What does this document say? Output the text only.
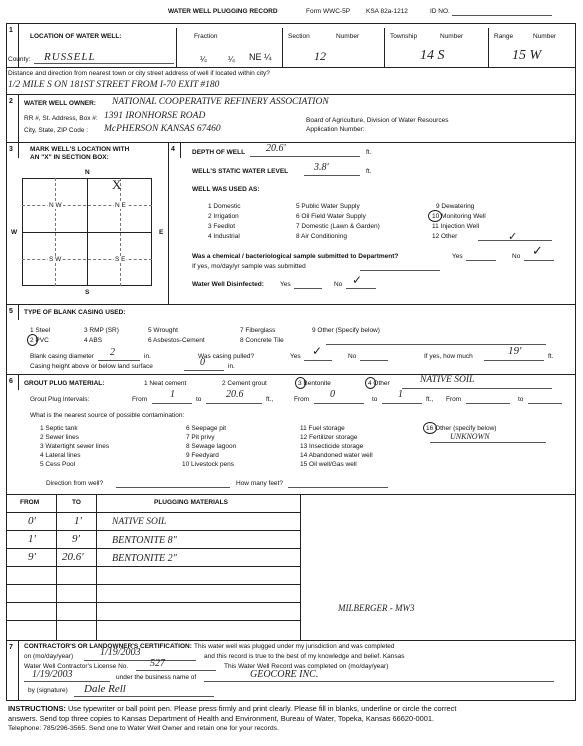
WATER WELL PLUGGING RECORD	Form WWC-5P KSA 82a-1212	ID NO.
1
LOCATION OF WATER WELL:	Fraction	Section	Number	Township	Number	Range	Number
County: RUSSELL	¼	¼ NE ¼	12	14 S	15 W
Distance and direction from nearest town or city street address of well if located within city?
1/2 MILE S ON 181ST STREET FROM I-70 EXIT #180
2 WATER WELL OWNER: NATIONAL COOPERATIVE REFINERY ASSOCIATION
RR #, St. Address, Box #: 1391 IRONHORSE ROAD
City, State, ZIP Code : McPHERSON KANSAS 67460
Board of Agriculture, Division of Water Resources
Application Number:
3	MARK WELL'S LOCATION WITH
AN "X" IN SECTION BOX:
N
S
E
W
N W	N E
S W	S E
X
4	DEPTH OF WELL 20.6'	ft.
WELL'S STATIC WATER LEVEL	3.8'	ft.
WELL WAS USED AS:
1 Domestic
2 Irrigation
3 Feedlot
4 Industrial
5 Public Water Supply
6 Oil Field Water Supply
7 Domestic (Lawn & Garden)
8 Air Conditioning
9 Dewatering
10 Monitoring Well
11 Injection Well
12 Other	✓
Was a chemical / bacteriological sample submitted to Department?	Yes	No ✓
If yes, mo/day/yr sample was submitted
Water Well Disinfected: Yes	No ✓
5 TYPE OF BLANK CASING USED:
1 Steel	3 RMP (SR)	5 Wrought	7 Fiberglass	9 Other (Specify below)
2 PVC	4 ABS	6 Asbestos-Cement	8 Concrete Tile
Blank casing diameter 2	in.	Was casing pulled?	Yes ✓	No	If yes, how much	19'	ft.
Casing height above or below land surface	0	in.
6 GROUT PLUG MATERIAL:	1 Neat cement	2 Cement grout	3 Bentonite	4 Other	NATIVE SOIL
Grout Plug Intervals:	From 1	to 20.6	ft.,	From 0	to 1	ft., From	to
What is the nearest source of possible contamination:
1 Septic tank
2 Sewer lines
3 Watertight sewer lines
4 Lateral lines
5 Cess Pool
6 Seepage pit
7 Pit privy
8 Sewage lagoon
9 Feedyard
10 Livestock pens
11 Fuel storage
12 Fertilizer storage
13 Insecticide storage
14 Abandoned water well
15 Oil well/Gas well
16 Other (specify below)
UNKNOWN
Direction from well?	How many feet?
FROM	TO	PLUGGING MATERIALS
0'	1'	NATIVE SOIL
1'	9'	BENTONITE 8"
9' 20.6'	BENTONITE 2"
MILBERGER - MW3
7 CONTRACTOR'S OR LANDOWNER'S CERTIFICATION: This water well was plugged under my jurisdiction and was completed
on (mo/day/year)	1/19/2003	and this record is true to the best of my knowledge and belief. Kansas
Water Well Contractor's License No. 527	This Water Well Record was completed on (mo/day/year)
1/19/2003	under the business name of	GEOCORE INC.
by (signature) Dale Rell
INSTRUCTIONS: Use typewriter or ball point pen. Please press firmly and print clearly. Please fill in blanks, underline or circle the correct
answers. Send top three copies to Kansas Department of Health and Environment, Bureau of Water, Topeka, Kansas 66620-0001.
Telephone: 785/296-3565. Send one to Water Well Owner and retain one for your records.
